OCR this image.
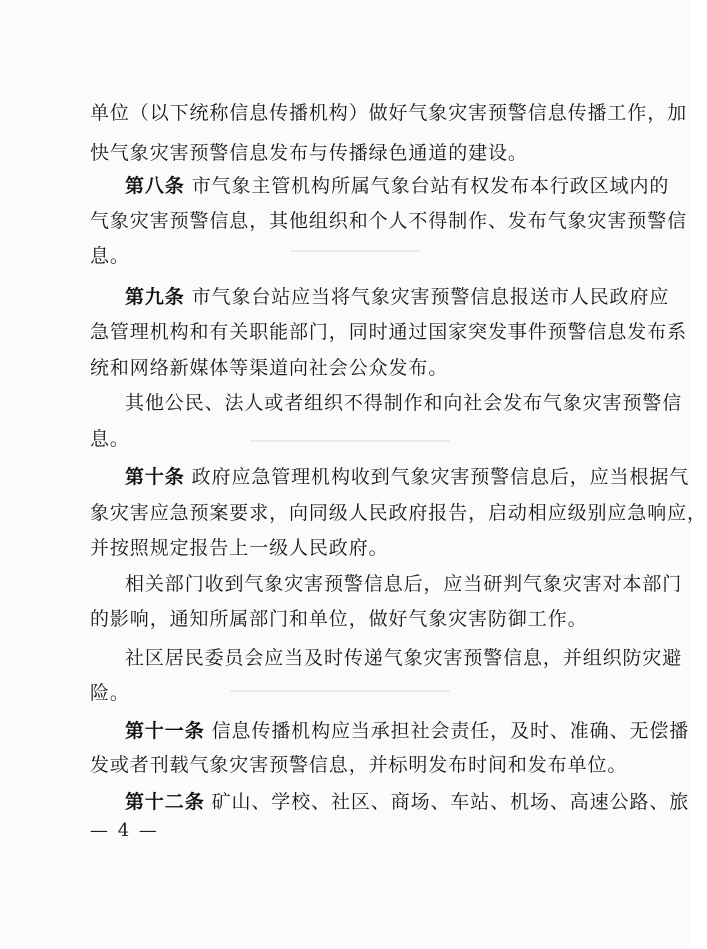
单位（以下统称信息传播机构）做好气象灾害预警信息传播工作，加
快气象灾害预警信息发布与传播绿色通道的建设。
第八条 市气象主管机构所属气象台站有权发布本行政区域内的
气象灾害预警信息，其他组织和个人不得制作、发布气象灾害预警信
息。
第九条 市气象台站应当将气象灾害预警信息报送市人民政府应
急管理机构和有关职能部门，同时通过国家突发事件预警信息发布系
统和网络新媒体等渠道向社会公众发布。
其他公民、法人或者组织不得制作和向社会发布气象灾害预警信
息。
第十条 政府应急管理机构收到气象灾害预警信息后，应当根据气
象灾害应急预案要求，向同级人民政府报告，启动相应级别应急响应，
并按照规定报告上一级人民政府。
相关部门收到气象灾害预警信息后，应当研判气象灾害对本部门
的影响，通知所属部门和单位，做好气象灾害防御工作。
社区居民委员会应当及时传递气象灾害预警信息，并组织防灾避
险。
第十一条 信息传播机构应当承担社会责任，及时、准确、无偿播
发或者刊载气象灾害预警信息，并标明发布时间和发布单位。
第十二条 矿山、学校、社区、商场、车站、机场、高速公路、旅
— 4 —
